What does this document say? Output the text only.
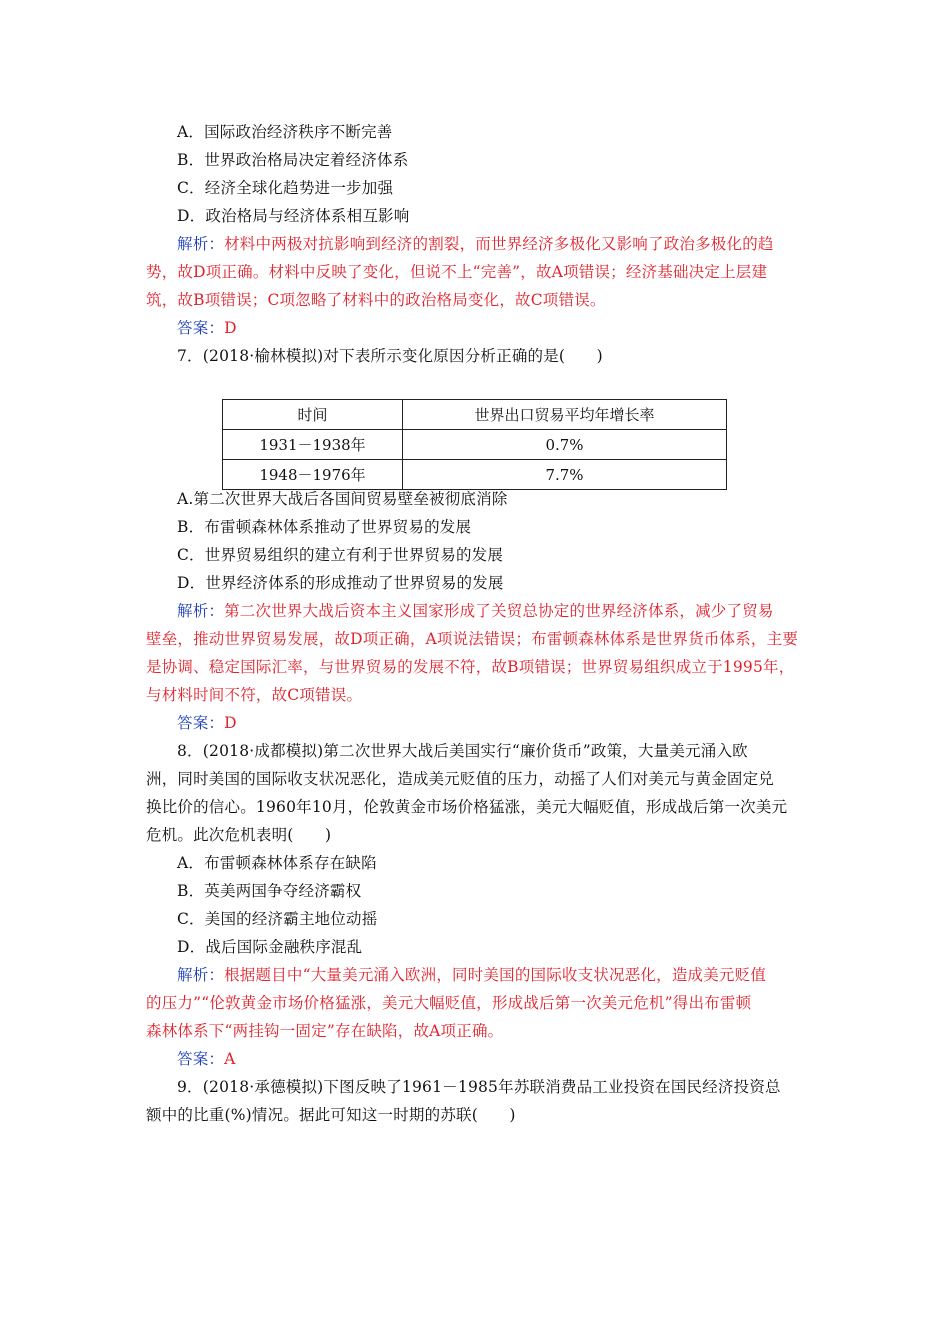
A．国际政治经济秩序不断完善
B．世界政治格局决定着经济体系
C．经济全球化趋势进一步加强
D．政治格局与经济体系相互影响
解析：材料中两极对抗影响到经济的割裂，而世界经济多极化又影响了政治多极化的趋
势，故D项正确。材料中反映了变化，但说不上“完善”，故A项错误；经济基础决定上层建
筑，故B项错误；C项忽略了材料中的政治格局变化，故C项错误。
答案：D
7．(2018·榆林模拟)对下表所示变化原因分析正确的是(　　)
时间	世界出口贸易平均年增长率
1931－1938年	0.7%
1948－1976年	7.7%
A.第二次世界大战后各国间贸易壁垒被彻底消除
B．布雷顿森林体系推动了世界贸易的发展
C．世界贸易组织的建立有利于世界贸易的发展
D．世界经济体系的形成推动了世界贸易的发展
解析：第二次世界大战后资本主义国家形成了关贸总协定的世界经济体系，减少了贸易
壁垒，推动世界贸易发展，故D项正确，A项说法错误；布雷顿森林体系是世界货币体系，主要
是协调、稳定国际汇率，与世界贸易的发展不符，故B项错误；世界贸易组织成立于1995年，
与材料时间不符，故C项错误。
答案：D
8．(2018·成都模拟)第二次世界大战后美国实行“廉价货币”政策，大量美元涌入欧
洲，同时美国的国际收支状况恶化，造成美元贬值的压力，动摇了人们对美元与黄金固定兑
换比价的信心。1960年10月，伦敦黄金市场价格猛涨，美元大幅贬值，形成战后第一次美元
危机。此次危机表明(　　)
A．布雷顿森林体系存在缺陷
B．英美两国争夺经济霸权
C．美国的经济霸主地位动摇
D．战后国际金融秩序混乱
解析：根据题目中“大量美元涌入欧洲，同时美国的国际收支状况恶化，造成美元贬值
的压力”“伦敦黄金市场价格猛涨，美元大幅贬值，形成战后第一次美元危机”得出布雷顿
森林体系下“两挂钩一固定”存在缺陷，故A项正确。
答案：A
9．(2018·承德模拟)下图反映了1961－1985年苏联消费品工业投资在国民经济投资总
额中的比重(%)情况。据此可知这一时期的苏联(　　)
